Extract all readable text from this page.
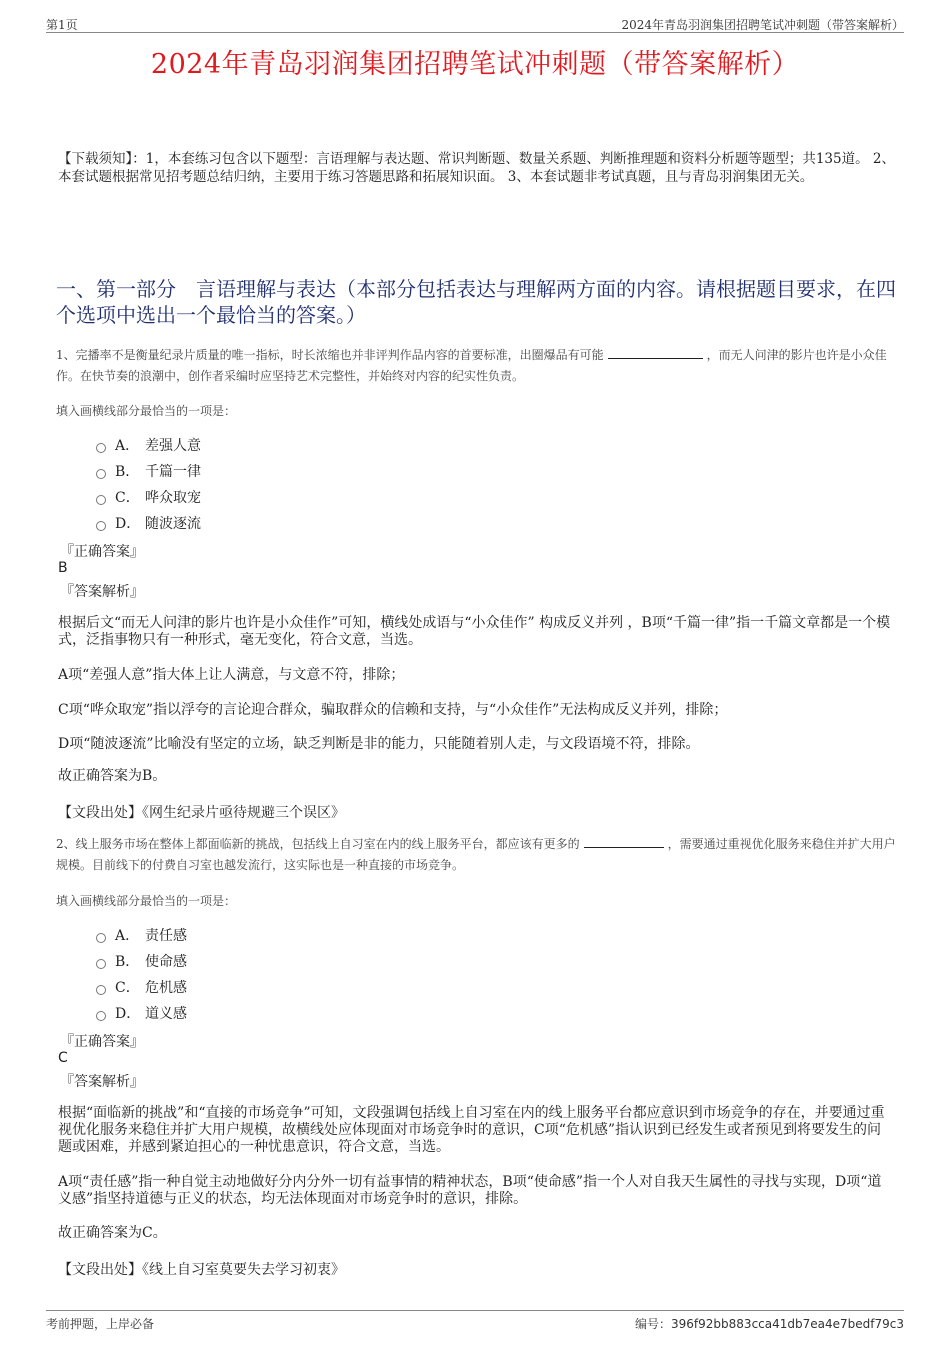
第1页	2024年青岛羽润集团招聘笔试冲刺题（带答案解析）
2024年青岛羽润集团招聘笔试冲刺题（带答案解析）
【下载须知】：1，本套练习包含以下题型：言语理解与表达题、常识判断题、数量关系题、判断推理题和资料分析题等题型；共135道。 2、本套试题根据常见招考题总结归纳，主要用于练习答题思路和拓展知识面。 3、本套试题非考试真题，且与青岛羽润集团无关。
一、第一部分　言语理解与表达（本部分包括表达与理解两方面的内容。请根据题目要求，在四个选项中选出一个最恰当的答案。）
1、完播率不是衡量纪录片质量的唯一指标，时长浓缩也并非评判作品内容的首要标准，出圈爆品有可能	，而无人问津的影片也许是小众佳作。在快节奏的浪潮中，创作者采编时应坚持艺术完整性，并始终对内容的纪实性负责。
填入画横线部分最恰当的一项是：
A． 差强人意
B． 千篇一律
C． 哗众取宠
D． 随波逐流
『正确答案』
B
『答案解析』
根据后文“而无人问津的影片也许是小众佳作”可知，横线处成语与“小众佳作” 构成反义并列 ，B项“千篇一律”指一千篇文章都是一个模式，泛指事物只有一种形式，毫无变化，符合文意，当选。
A项“差强人意”指大体上让人满意，与文意不符，排除；
C项“哗众取宠”指以浮夸的言论迎合群众，骗取群众的信赖和支持，与“小众佳作”无法构成反义并列，排除；
D项“随波逐流”比喻没有坚定的立场，缺乏判断是非的能力，只能随着别人走，与文段语境不符，排除。
故正确答案为B。
【文段出处】《网生纪录片亟待规避三个误区》
2、线上服务市场在整体上都面临新的挑战，包括线上自习室在内的线上服务平台，都应该有更多的	，需要通过重视优化服务来稳住并扩大用户规模。目前线下的付费自习室也越发流行，这实际也是一种直接的市场竞争。
填入画横线部分最恰当的一项是：
A． 责任感
B． 使命感
C． 危机感
D． 道义感
『正确答案』
C
『答案解析』
根据“面临新的挑战”和“直接的市场竞争”可知，文段强调包括线上自习室在内的线上服务平台都应意识到市场竞争的存在，并要通过重视优化服务来稳住并扩大用户规模，故横线处应体现面对市场竞争时的意识，C项“危机感”指认识到已经发生或者预见到将要发生的问题或困难，并感到紧迫担心的一种忧患意识，符合文意，当选。
A项“责任感”指一种自觉主动地做好分内分外一切有益事情的精神状态，B项“使命感”指一个人对自我天生属性的寻找与实现，D项“道义感”指坚持道德与正义的状态，均无法体现面对市场竞争时的意识，排除。
故正确答案为C。
【文段出处】《线上自习室莫要失去学习初衷》
考前押题，上岸必备	编号：396f92bb883cca41db7ea4e7bedf79c3
